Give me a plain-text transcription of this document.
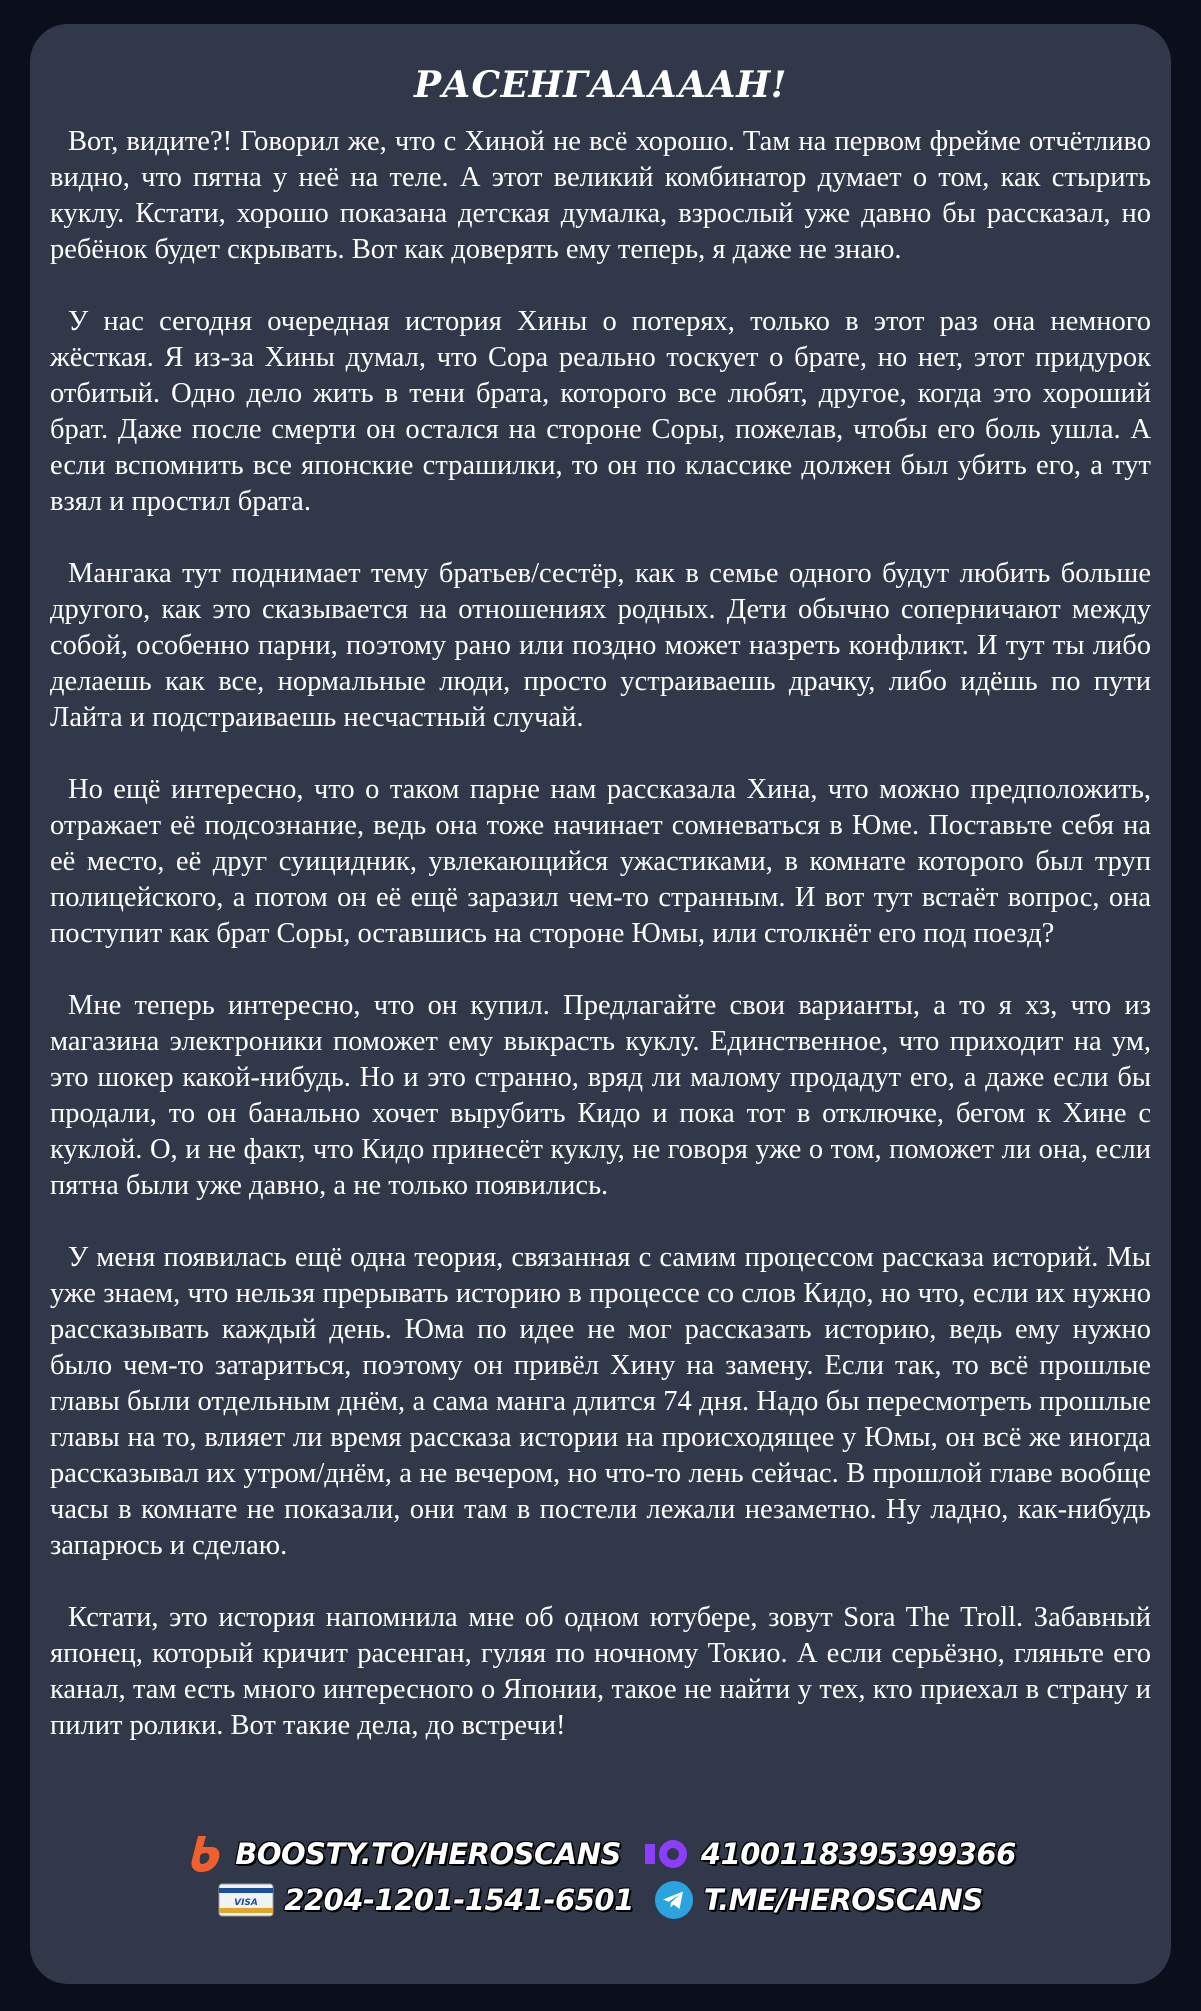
РАСЕНГААААAН!

Вот, видите?! Говорил же, что с Хиной не всё хорошо. Там на первом фрейме отчётливо видно, что пятна у неё на теле. А этот великий комбинатор думает о том, как стырить куклу. Кстати, хорошо показана детская думалка, взрослый уже давно бы рассказал, но ребёнок будет скрывать. Вот как доверять ему теперь, я даже не знаю.

У нас сегодня очередная история Хины о потерях, только в этот раз она немного жёсткая. Я из-за Хины думал, что Сора реально тоскует о брате, но нет, этот придурок отбитый. Одно дело жить в тени брата, которого все любят, другое, когда это хороший брат. Даже после смерти он остался на стороне Соры, пожелав, чтобы его боль ушла. А если вспомнить все японские страшилки, то он по классике должен был убить его, а тут взял и простил брата.

Мангака тут поднимает тему братьев/сестёр, как в семье одного будут любить больше другого, как это сказывается на отношениях родных. Дети обычно соперничают между собой, особенно парни, поэтому рано или поздно может назреть конфликт. И тут ты либо делаешь как все, нормальные люди, просто устраиваешь драчку, либо идёшь по пути Лайта и подстраиваешь несчастный случай.

Но ещё интересно, что о таком парне нам рассказала Хина, что можно предположить, отражает её подсознание, ведь она тоже начинает сомневаться в Юме. Поставьте себя на её место, её друг суицидник, увлекающийся ужастиками, в комнате которого был труп полицейского, а потом он её ещё заразил чем-то странным. И вот тут встаёт вопрос, она поступит как брат Соры, оставшись на стороне Юмы, или столкнёт его под поезд?

Мне теперь интересно, что он купил. Предлагайте свои варианты, а то я хз, что из магазина электроники поможет ему выкрасть куклу. Единственное, что приходит на ум, это шокер какой-нибудь. Но и это странно, вряд ли малому продадут его, а даже если бы продали, то он банально хочет вырубить Кидо и пока тот в отключке, бегом к Хине с куклой. О, и не факт, что Кидо принесёт куклу, не говоря уже о том, поможет ли она, если пятна были уже давно, а не только появились.

У меня появилась ещё одна теория, связанная с самим процессом рассказа историй. Мы уже знаем, что нельзя прерывать историю в процессе со слов Кидо, но что, если их нужно рассказывать каждый день. Юма по идее не мог рассказать историю, ведь ему нужно было чем-то затариться, поэтому он привёл Хину на замену. Если так, то всё прошлые главы были отдельным днём, а сама манга длится 74 дня. Надо бы пересмотреть прошлые главы на то, влияет ли время рассказа истории на происходящее у Юмы, он всё же иногда рассказывал их утром/днём, а не вечером, но что-то лень сейчас. В прошлой главе вообще часы в комнате не показали, они там в постели лежали незаметно. Ну ладно, как-нибудь запарюсь и сделаю.

Кстати, это история напомнила мне об одном ютубере, зовут Sora The Troll. Забавный японец, который кричит расенган, гуляя по ночному Токио. А если серьёзно, гляньте его канал, там есть много интересного о Японии, такое не найти у тех, кто приехал в страну и пилит ролики. Вот такие дела, до встречи!

BOOSTY.TO/HEROSCANS	4100118395399366
VISA 2204-1201-1541-6501 T.ME/HEROSCANS
